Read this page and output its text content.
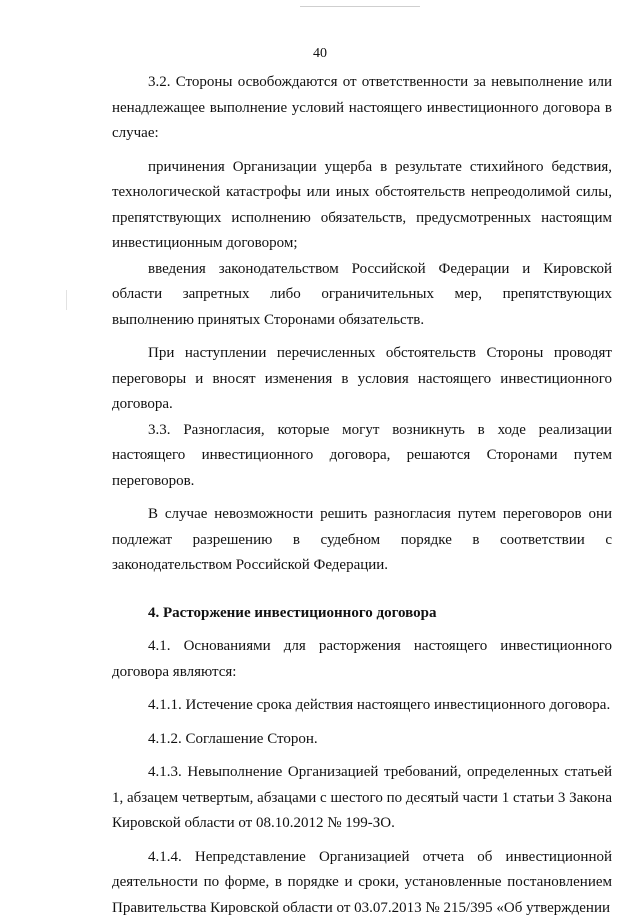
40

3.2. Стороны освобождаются от ответственности за невыполнение или ненадлежащее выполнение условий настоящего инвестиционного договора в случае:

причинения Организации ущерба в результате стихийного бедствия, технологической катастрофы или иных обстоятельств непреодолимой силы, препятствующих исполнению обязательств, предусмотренных настоящим инвестиционным договором;

введения законодательством Российской Федерации и Кировской области запретных либо ограничительных мер, препятствующих выполнению принятых Сторонами обязательств.

При наступлении перечисленных обстоятельств Стороны проводят переговоры и вносят изменения в условия настоящего инвестиционного договора.

3.3. Разногласия, которые могут возникнуть в ходе реализации настоящего инвестиционного договора, решаются Сторонами путем переговоров.

В случае невозможности решить разногласия путем переговоров они подлежат разрешению в судебном порядке в соответствии с законодательством Российской Федерации.

4. Расторжение инвестиционного договора

4.1. Основаниями для расторжения настоящего инвестиционного договора являются:

4.1.1. Истечение срока действия настоящего инвестиционного договора.

4.1.2. Соглашение Сторон.

4.1.3. Невыполнение Организацией требований, определенных статьей 1, абзацем четвертым, абзацами с шестого по десятый части 1 статьи 3 Закона Кировской области от 08.10.2012 № 199-ЗО.

4.1.4. Непредставление Организацией отчета об инвестиционной деятельности по форме, в порядке и сроки, установленные постановлением Правительства Кировской области от 03.07.2013 № 215/395 «Об утверждении
